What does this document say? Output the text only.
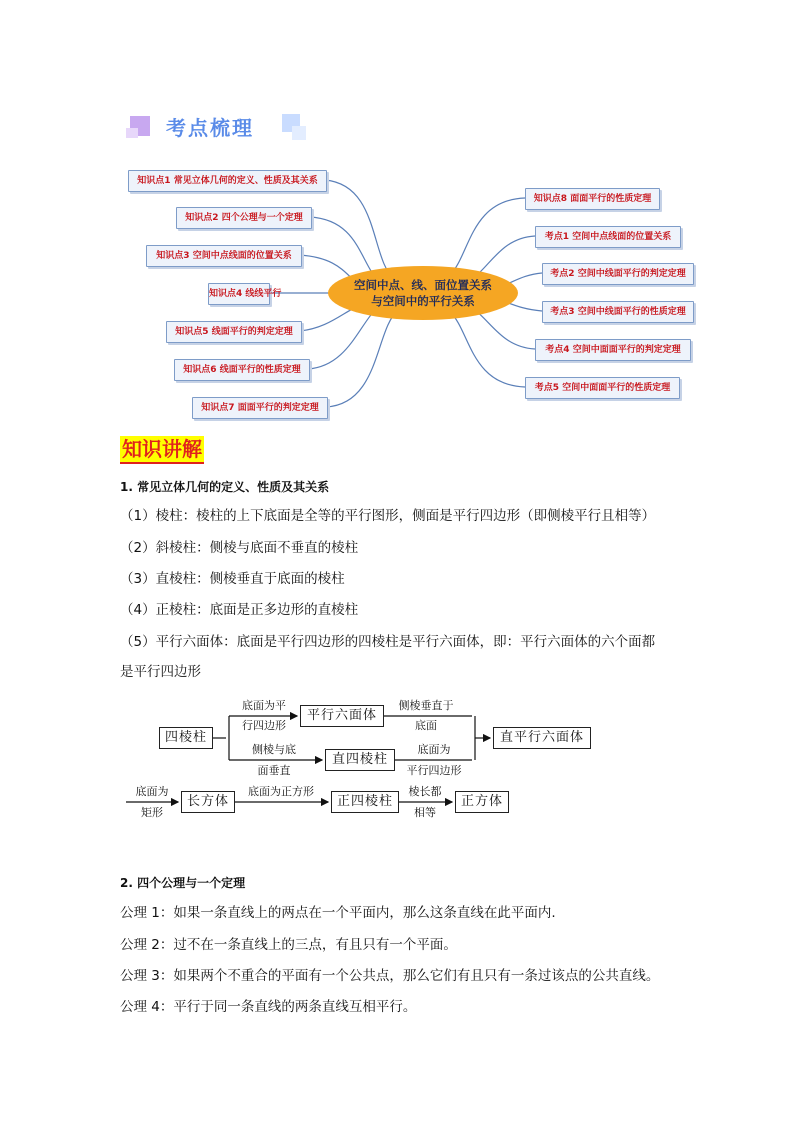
考点梳理
知识点1 常见立体几何的定义、性质及其关系
知识点2 四个公理与一个定理
知识点3 空间中点线面的位置关系
知识点4 线线平行
知识点5 线面平行的判定定理
知识点6 线面平行的性质定理
知识点7 面面平行的判定定理
空间中点、线、面位置关系
与空间中的平行关系
知识点8 面面平行的性质定理
考点1 空间中点线面的位置关系
考点2 空间中线面平行的判定定理
考点3 空间中线面平行的性质定理
考点4 空间中面面平行的判定定理
考点5 空间中面面平行的性质定理
知识讲解
1. 常见立体几何的定义、性质及其关系
（1）棱柱：棱柱的上下底面是全等的平行图形，侧面是平行四边形（即侧棱平行且相等）
（2）斜棱柱：侧棱与底面不垂直的棱柱
（3）直棱柱：侧棱垂直于底面的棱柱
（4）正棱柱：底面是正多边形的直棱柱
（5）平行六面体：底面是平行四边形的四棱柱是平行六面体，即：平行六面体的六个面都
是平行四边形
四棱柱
平行六面体
直四棱柱
直平行六面体
长方体	正四棱柱	正方体
底面为平
行四边形
侧棱与底
面垂直
侧棱垂直于
底面
底面为
平行四边形
底面为
矩形
底面为正方形	棱长都
相等
2. 四个公理与一个定理
公理 1：如果一条直线上的两点在一个平面内，那么这条直线在此平面内.
公理 2：过不在一条直线上的三点，有且只有一个平面。
公理 3：如果两个不重合的平面有一个公共点，那么它们有且只有一条过该点的公共直线。
公理 4：平行于同一条直线的两条直线互相平行。
